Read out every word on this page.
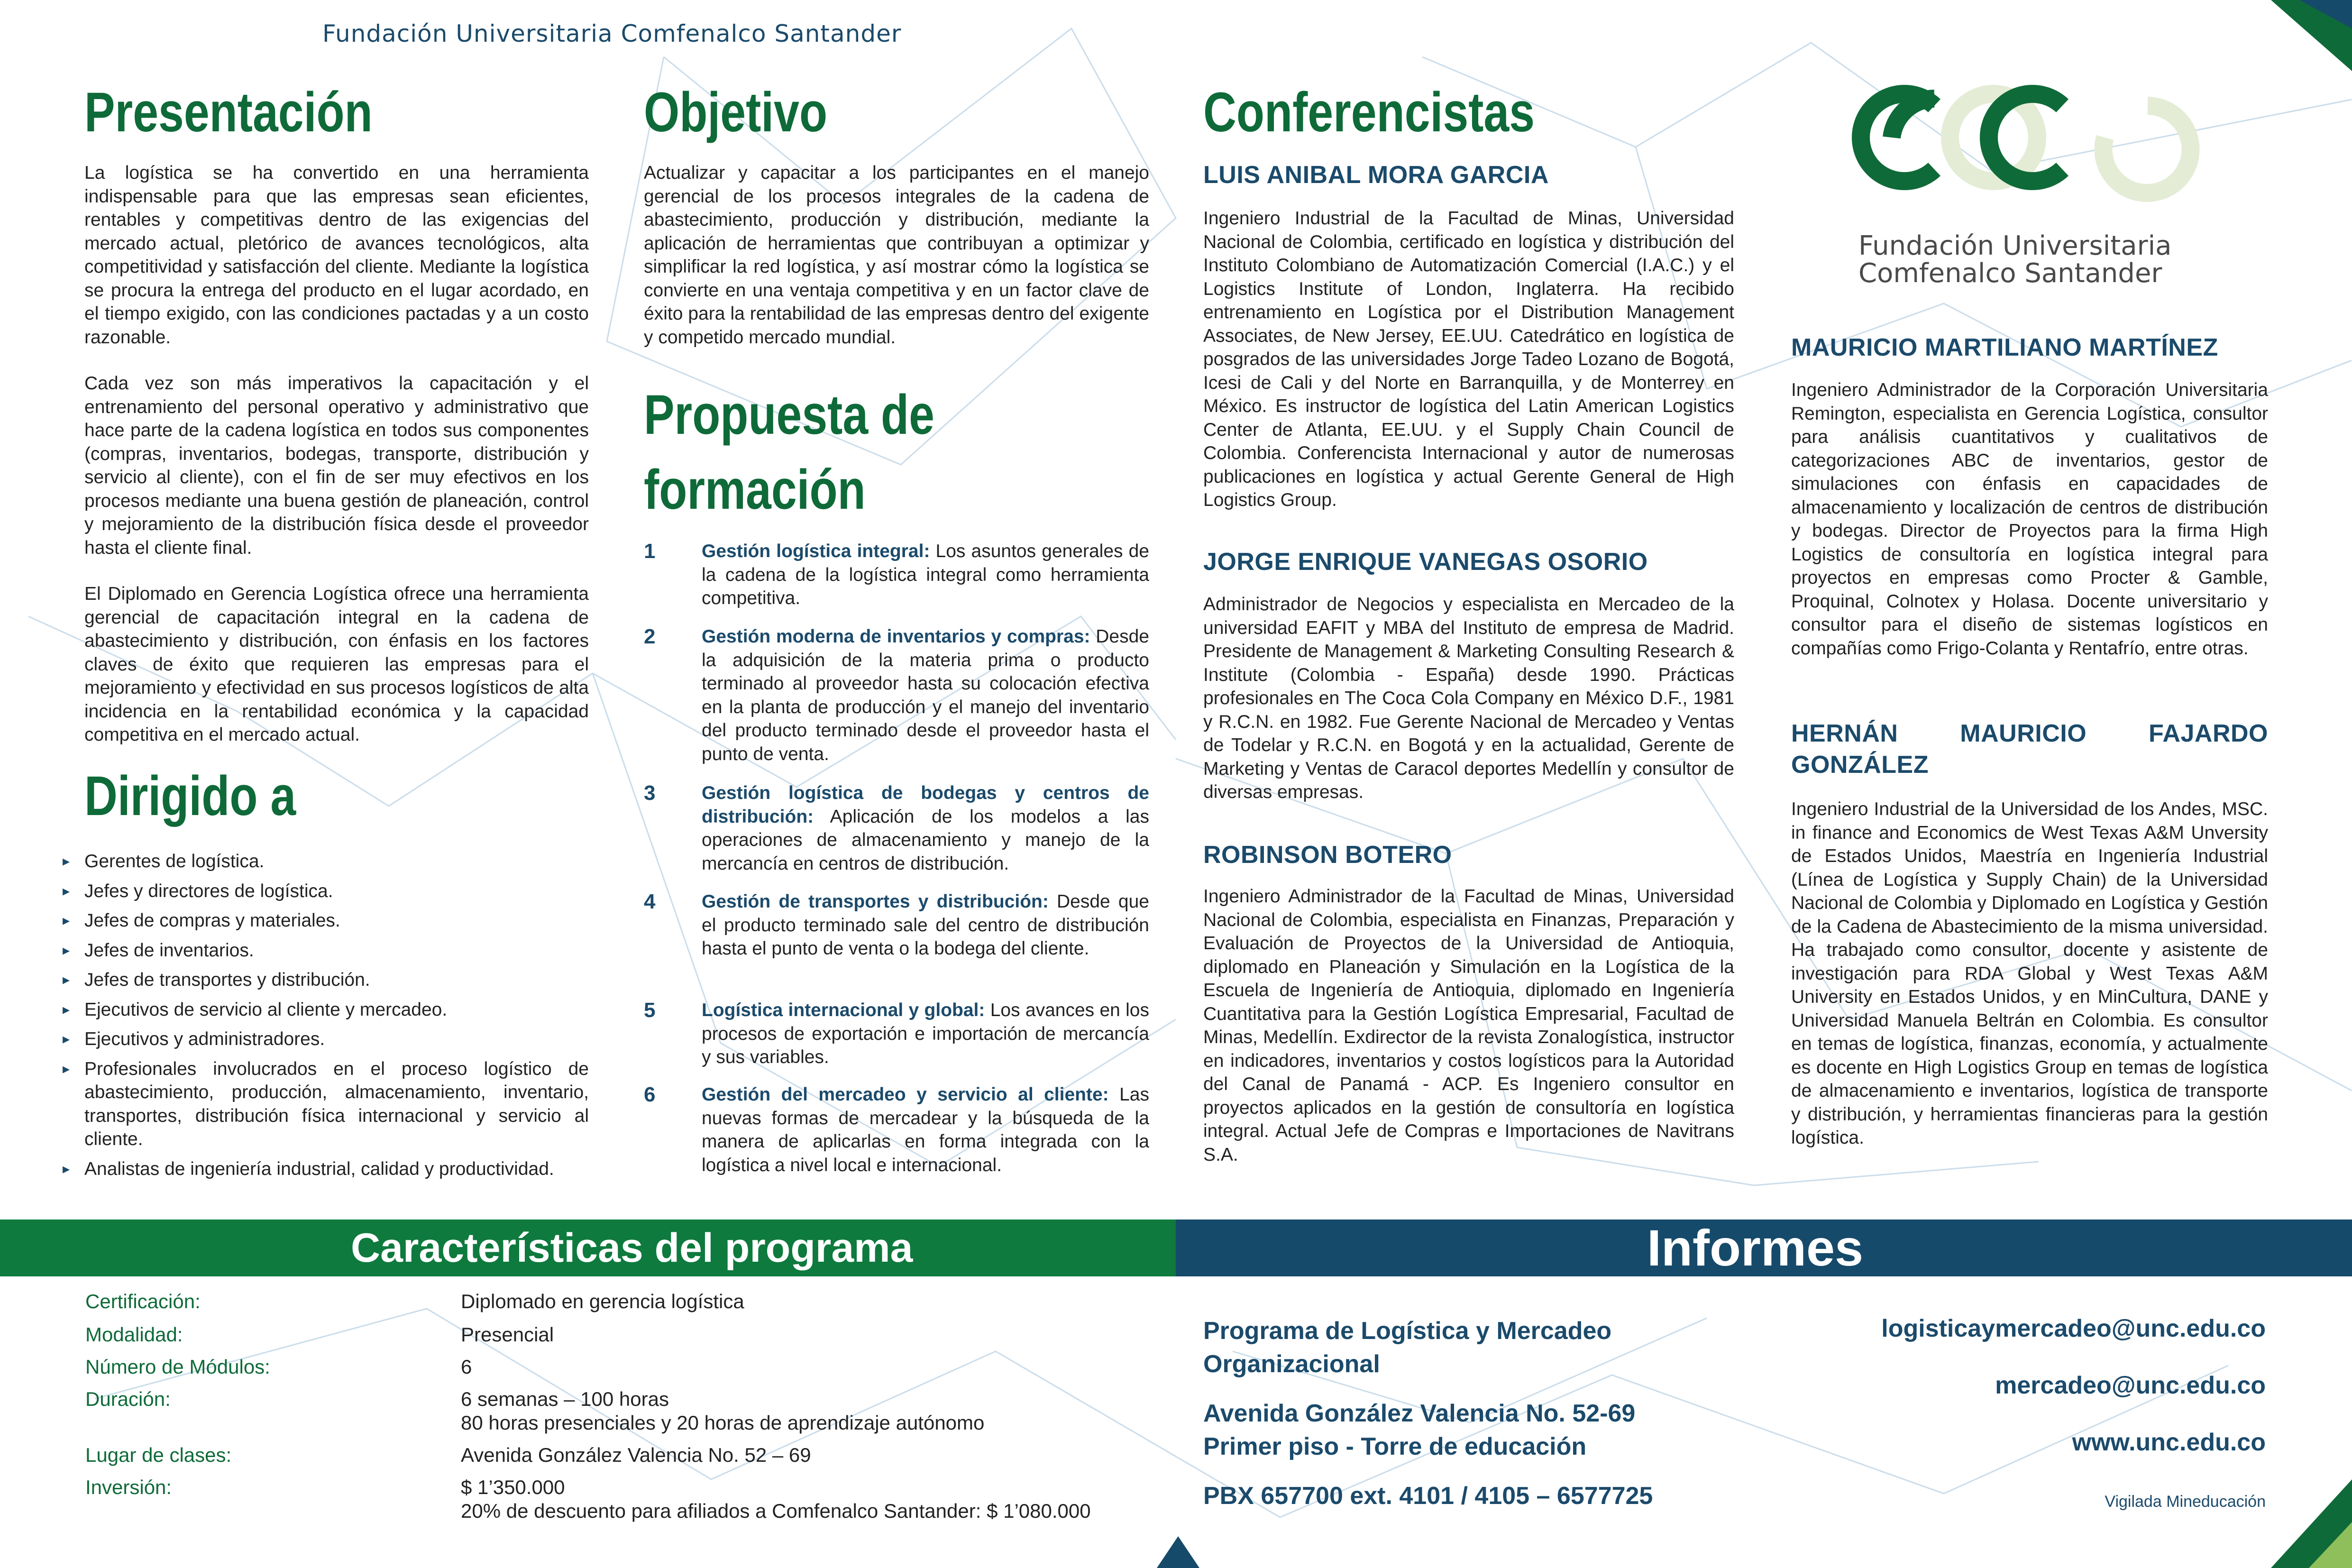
Fundación Universitaria Comfenalco Santander
Fundación Universitaria
Comfenalco Santander
Presentación

La logística se ha convertido en una herramienta indispensable para que las empresas sean eficientes, rentables y competitivas dentro de las exigencias del mercado actual, pletórico de avances tecnológicos, alta competitividad y satisfacción del cliente. Mediante la logística se procura la entrega del producto en el lugar acordado, en el tiempo exigido, con las condiciones pactadas y a un costo razonable.

Cada vez son más imperativos la capacitación y el entrenamiento del personal operativo y administrativo que hace parte de la cadena logística en todos sus componentes (compras, inventarios, bodegas, transporte, distribución y servicio al cliente), con el fin de ser muy efectivos en los procesos mediante una buena gestión de planeación, control y mejoramiento de la distribución física desde el proveedor hasta el cliente final.

El Diplomado en Gerencia Logística ofrece una herramienta gerencial de capacitación integral en la cadena de abastecimiento y distribución, con énfasis en los factores claves de éxito que requieren las empresas para el mejoramiento y efectividad en sus procesos logísticos de alta incidencia en la rentabilidad económica y la capacidad competitiva en el mercado actual.

Dirigido a
▸ Gerentes de logística.
▸ Jefes y directores de logística.
▸ Jefes de compras y materiales.
▸ Jefes de inventarios.
▸ Jefes de transportes y distribución.
▸ Ejecutivos de servicio al cliente y mercadeo.
▸ Ejecutivos y administradores.
▸ Profesionales involucrados en el proceso logístico de abastecimiento, producción, almacenamiento, inventario, transportes, distribución física internacional y servicio al cliente.
▸ Analistas de ingeniería industrial, calidad y productividad.
Objetivo

Actualizar y capacitar a los participantes en el manejo gerencial de los procesos integrales de la cadena de abastecimiento, producción y distribución, mediante la aplicación de herramientas que contribuyan a optimizar y simplificar la red logística, y así mostrar cómo la logística se convierte en una ventaja competitiva y en un factor clave de éxito para la rentabilidad de las empresas dentro del exigente y competido mercado mundial.

Propuesta de
formación
1	Gestión logística integral: Los asuntos generales de la cadena de la logística integral como herramienta competitiva.
2	Gestión moderna de inventarios y compras: Desde la adquisición de la materia prima o producto terminado al proveedor hasta su colocación efectiva en la planta de producción y el manejo del inventario del producto terminado desde el proveedor hasta el punto de venta.
3	Gestión logística de bodegas y centros de distribución: Aplicación de los modelos a las operaciones de almacenamiento y manejo de la mercancía en centros de distribución.
4	Gestión de transportes y distribución: Desde que el producto terminado sale del centro de distribución hasta el punto de venta o la bodega del cliente.
5	Logística internacional y global: Los avances en los procesos de exportación e importación de mercancía y sus variables.
6	Gestión del mercadeo y servicio al cliente: Las nuevas formas de mercadear y la búsqueda de la manera de aplicarlas en forma integrada con la logística a nivel local e internacional.
Conferencistas
LUIS ANIBAL MORA GARCIA

Ingeniero Industrial de la Facultad de Minas, Universidad Nacional de Colombia, certificado en logística y distribución del Instituto Colombiano de Automatización Comercial (I.A.C.) y el Logistics Institute of London, Inglaterra. Ha recibido entrenamiento en Logística por el Distribution Management Associates, de New Jersey, EE.UU. Catedrático en logística de posgrados de las universidades Jorge Tadeo Lozano de Bogotá, Icesi de Cali y del Norte en Barranquilla, y de Monterrey en México. Es instructor de logística del Latin American Logistics Center de Atlanta, EE.UU. y el Supply Chain Council de Colombia. Conferencista Internacional y autor de numerosas publicaciones en logística y actual Gerente General de High Logistics Group.

JORGE ENRIQUE VANEGAS OSORIO

Administrador de Negocios y especialista en Mercadeo de la universidad EAFIT y MBA del Instituto de empresa de Madrid. Presidente de Management & Marketing Consulting Research & Institute (Colombia - España) desde 1990. Prácticas profesionales en The Coca Cola Company en México D.F., 1981 y R.C.N. en 1982. Fue Gerente Nacional de Mercadeo y Ventas de Todelar y R.C.N. en Bogotá y en la actualidad, Gerente de Marketing y Ventas de Caracol deportes Medellín y consultor de diversas empresas.

ROBINSON BOTERO

Ingeniero Administrador de la Facultad de Minas, Universidad Nacional de Colombia, especialista en Finanzas, Preparación y Evaluación de Proyectos de la Universidad de Antioquia, diplomado en Planeación y Simulación en la Logística de la Escuela de Ingeniería de Antioquia, diplomado en Ingeniería Cuantitativa para la Gestión Logística Empresarial, Facultad de Minas, Medellín. Exdirector de la revista Zonalogística, instructor en indicadores, inventarios y costos logísticos para la Autoridad del Canal de Panamá - ACP. Es Ingeniero consultor en proyectos aplicados en la gestión de consultoría en logística integral. Actual Jefe de Compras e Importaciones de Navitrans S.A.

MAURICIO MARTILIANO MARTÍNEZ

Ingeniero Administrador de la Corporación Universitaria Remington, especialista en Gerencia Logística, consultor para análisis cuantitativos y cualitativos de categorizaciones ABC de inventarios, gestor de simulaciones con énfasis en capacidades de almacenamiento y localización de centros de distribución y bodegas. Director de Proyectos para la firma High Logistics de consultoría en logística integral para proyectos en empresas como Procter & Gamble, Proquinal, Colnotex y Holasa. Docente universitario y consultor para el diseño de sistemas logísticos en compañías como Frigo-Colanta y Rentafrío, entre otras.

HERNÁN MAURICIO FAJARDO GONZÁLEZ

Ingeniero Industrial de la Universidad de los Andes, MSC. in finance and Economics de West Texas A&M Unversity de Estados Unidos, Maestría en Ingeniería Industrial (Línea de Logística y Supply Chain) de la Universidad Nacional de Colombia y Diplomado en Logística y Gestión de la Cadena de Abastecimiento de la misma universidad. Ha trabajado como consultor, docente y asistente de investigación para RDA Global y West Texas A&M University en Estados Unidos, y en MinCultura, DANE y Universidad Manuela Beltrán en Colombia. Es consultor en temas de logística, finanzas, economía, y actualmente es docente en High Logistics Group en temas de logística de almacenamiento e inventarios, logística de transporte y distribución, y herramientas financieras para la gestión logística.

Características del programa	Informes
Certificación:	Diplomado en gerencia logística
Modalidad:	Presencial
Número de Módulos:	6
Duración:	6 semanas – 100 horas
80 horas presenciales y 20 horas de aprendizaje autónomo
Lugar de clases:	Avenida González Valencia No. 52 – 69
Inversión:	$ 1’350.000
20% de descuento para afiliados a Comfenalco Santander: $ 1’080.000
Programa de Logística y Mercadeo
Organizacional
Avenida González Valencia No. 52-69
Primer piso - Torre de educación
PBX 657700 ext. 4101 / 4105 – 6577725
logisticaymercadeo@unc.edu.co
mercadeo@unc.edu.co
www.unc.edu.co
Vigilada Mineducación
